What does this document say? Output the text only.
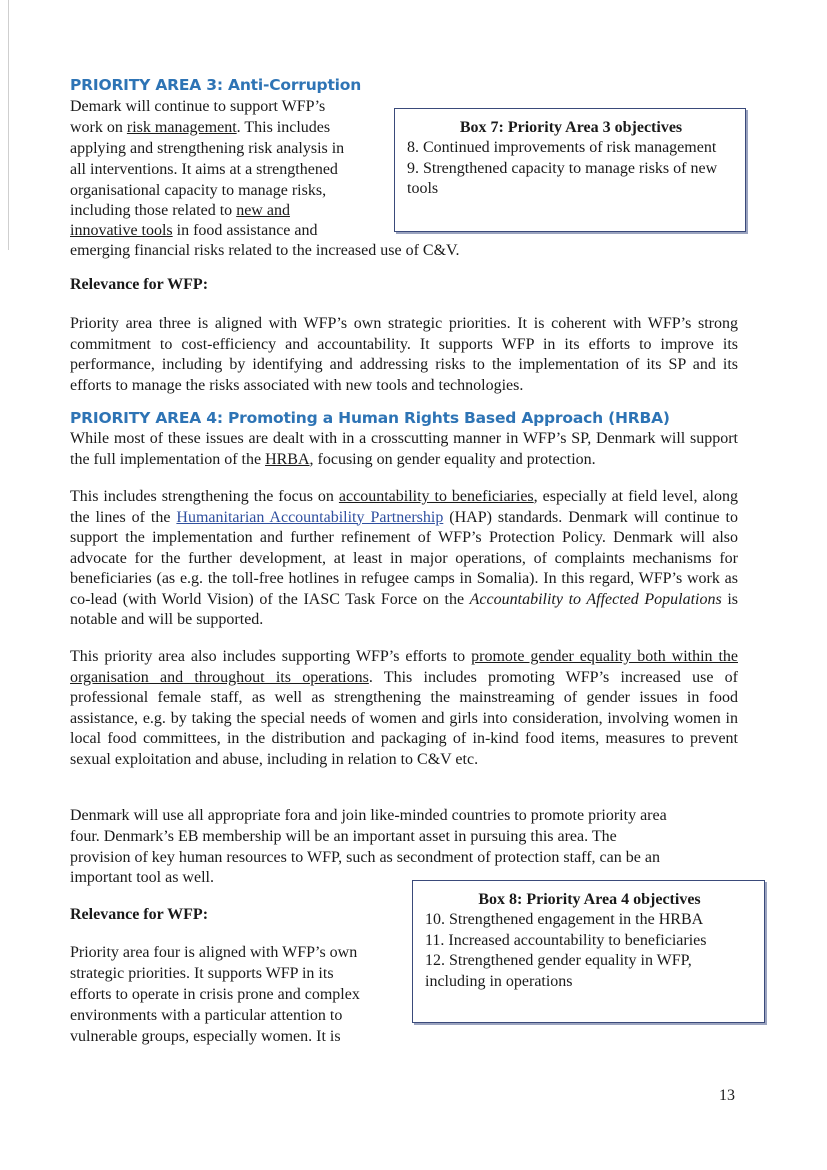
PRIORITY AREA 3: Anti-Corruption

Demark will continue to support WFP’s

work on risk management. This includes

applying and strengthening risk analysis in

all interventions. It aims at a strengthened

organisational capacity to manage risks,

including those related to new and

innovative tools in food assistance and

emerging financial risks related to the increased use of C&V.

Box 7: Priority Area 3 objectives

8. Continued improvements of risk management

9. Strengthened capacity to manage risks of new tools

Relevance for WFP:

Priority area three is aligned with WFP’s own strategic priorities. It is coherent with WFP’s strong commitment to cost-efficiency and accountability. It supports WFP in its efforts to improve its performance, including by identifying and addressing risks to the implementation of its SP and its efforts to manage the risks associated with new tools and technologies.

PRIORITY AREA 4: Promoting a Human Rights Based Approach (HRBA)

While most of these issues are dealt with in a crosscutting manner in WFP’s SP, Denmark will support the full implementation of the HRBA, focusing on gender equality and protection.

This includes strengthening the focus on accountability to beneficiaries, especially at field level, along the lines of the Humanitarian Accountability Partnership (HAP) standards. Denmark will continue to support the implementation and further refinement of WFP’s Protection Policy. Denmark will also advocate for the further development, at least in major operations, of complaints mechanisms for beneficiaries (as e.g. the toll-free hotlines in refugee camps in Somalia). In this regard, WFP’s work as co-lead (with World Vision) of the IASC Task Force on the Accountability to Affected Populations is notable and will be supported.

This priority area also includes supporting WFP’s efforts to promote gender equality both within the organisation and throughout its operations. This includes promoting WFP’s increased use of professional female staff, as well as strengthening the mainstreaming of gender issues in food assistance, e.g. by taking the special needs of women and girls into consideration, involving women in local food committees, in the distribution and packaging of in-kind food items, measures to prevent sexual exploitation and abuse, including in relation to C&V etc.

Denmark will use all appropriate fora and join like-minded countries to promote priority area

four. Denmark’s EB membership will be an important asset in pursuing this area. The

provision of key human resources to WFP, such as secondment of protection staff, can be an

important tool as well.

Relevance for WFP:

Priority area four is aligned with WFP’s own

strategic priorities. It supports WFP in its

efforts to operate in crisis prone and complex

environments with a particular attention to

vulnerable groups, especially women. It is

Box 8: Priority Area 4 objectives

10. Strengthened engagement in the HRBA

11. Increased accountability to beneficiaries

12. Strengthened gender equality in WFP, including in operations

13
